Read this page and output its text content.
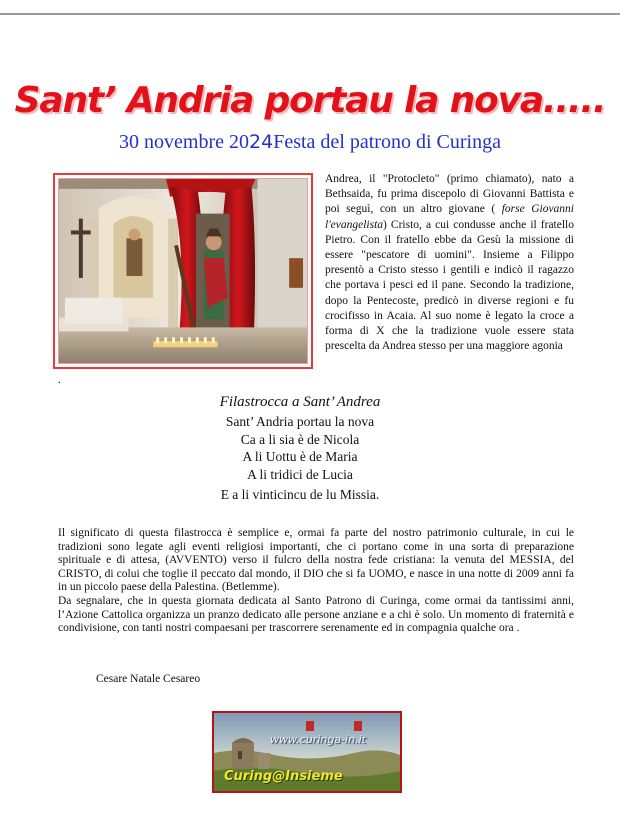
Sant’ Andria portau la nova.....
30 novembre 2024Festa del patrono di Curinga
Andrea, il "Protocleto" (primo chiamato), nato a Bethsaida, fu prima discepolo di Giovanni Battista e poi seguì, con un altro giovane ( forse Giovanni l'evangelista) Cristo, a cui condusse anche il fratello Pietro. Con il fratello ebbe da Gesù la missione di essere "pescatore di uomini". Insieme a Filippo presentò a Cristo stesso i gentili e indicò il ragazzo che portava i pesci ed il pane. Secondo la tradizione, dopo la Pentecoste, predicò in diverse regioni e fu crocifisso in Acaia. Al suo nome è legato la croce a forma di X che la tradizione vuole essere stata prescelta da Andrea stesso per una maggiore agonia
.
Filastrocca a Sant’ Andrea
Sant’ Andria portau la nova
Ca a li sia è de Nicola
A li Uottu è de Maria
A li tridici de Lucia
E a li vinticincu de lu Missia.

Il significato di questa filastrocca è semplice e, ormai fa parte del nostro patrimonio culturale, in cui le tradizioni sono legate agli eventi religiosi importanti, che ci portano come in una sorta di preparazione spirituale e di attesa, (AVVENTO) verso il fulcro della nostra fede cristiana: la venuta del MESSIA, del CRISTO, di colui che toglie il peccato dal mondo, il DIO che si fa UOMO, e nasce in una notte di 2009 anni fa in un piccolo paese della Palestina. (Betlemme).

Da segnalare, che in questa giornata dedicata al Santo Patrono di Curinga, come ormai da tantissimi anni, l’Azione Cattolica organizza un pranzo dedicato alle persone anziane e a chi è solo. Un momento di fraternità e condivisione, con tanti nostri compaesani per trascorrere serenamente ed in compagnia qualche ora .

Cesare Natale Cesareo
www.curinga-in.it
Curing@Insieme
